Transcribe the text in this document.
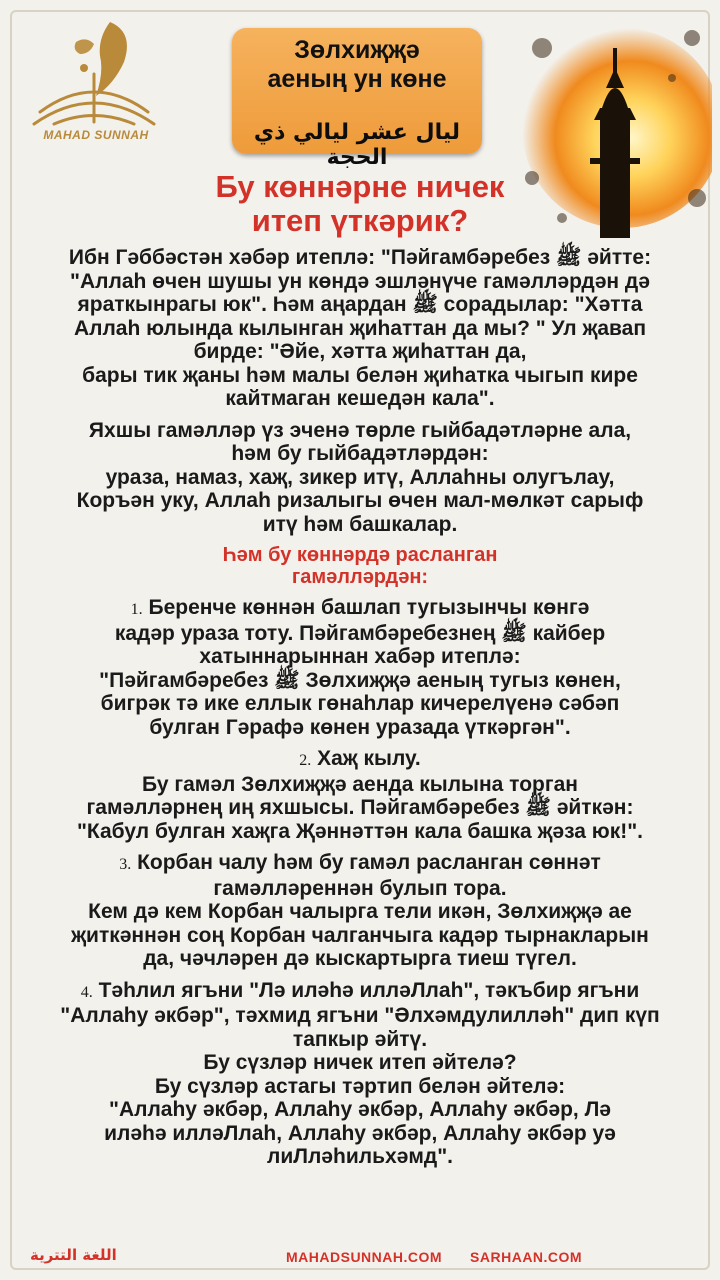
MAHAD SUNNAH
Зөлхиҗҗә
аеның ун көне
ليال عشر ليالي ذي الحجة
Бу көннәрне ничек
итеп үткәрик?

Ибн Гәббәстән хәбәр итеплә: "Пәйгамбәребез ﷺ әйтте:
"Аллаһ өчен шушы ун көндә эшләнүче гамәлләрдән дә
яраткынрагы юк". Һәм аңардан ﷺ сорадылар: "Хәтта
Аллаһ юлында кылынган җиһаттан да мы? " Ул җавап
бирде: "Әйе, хәтта җиһаттан да,
бары тик җаны һәм малы белән җиһатка чыгып кире
кайтмаган кешедән кала".

Яхшы гамәлләр үз эченә төрле гыйбадәтләрне ала,
һәм бу гыйбадәтләрдән:
ураза, намаз, хаҗ, зикер итү, Аллаһны олугълау,
Коръән уку, Аллаһ ризалыгы өчен мал-мөлкәт сарыф
итү һәм башкалар.

Һәм бу көннәрдә расланган
гамәлләрдән:

1. Беренче көннән башлап тугызынчы көнгә
кадәр ураза тоту. Пәйгамбәребезнең ﷺ кайбер
хатыннарыннан хабәр итеплә:
"Пәйгамбәребез ﷺ Зөлхиҗҗә аеның тугыз көнен,
бигрәк тә ике еллык гөнаһлар кичерелүенә сәбәп
булган Гәрафә көнен уразада үткәргән".

2. Хаҗ кылу.
Бу гамәл Зөлхиҗҗә аенда кылына торган
гамәлләрнең иң яхшысы. Пәйгамбәребез ﷺ әйткән:
"Кабул булган хаҗга Җәннәттән кала башка җәза юк!".

3. Корбан чалу һәм бу гамәл расланган сөннәт
гамәлләреннән булып тора.
Кем дә кем Корбан чалырга тели икән, Зөлхиҗҗә ае
җиткәннән соң Корбан чалганчыга кадәр тырнакларын
да, чәчләрен дә кыскартырга тиеш түгел.

4. Тәһлил ягъни "Лә иләһә илләЛлаһ", тәкъбир ягъни
"Аллаһу әкбәр", тәхмид ягъни "Әлхәмдулилләһ" дип күп
тапкыр әйтү.
Бу сүзләр ничек итеп әйтелә?
Бу сүзләр астагы тәртип белән әйтелә:
"Аллаһу әкбәр, Аллаһу әкбәр, Аллаһу әкбәр, Лә
иләһә илләЛлаһ, Аллаһу әкбәр, Аллаһу әкбәр уә
лиЛләһильхәмд".

اللغة التترية	MAHADSUNNAH.COM SARHAAN.COM
